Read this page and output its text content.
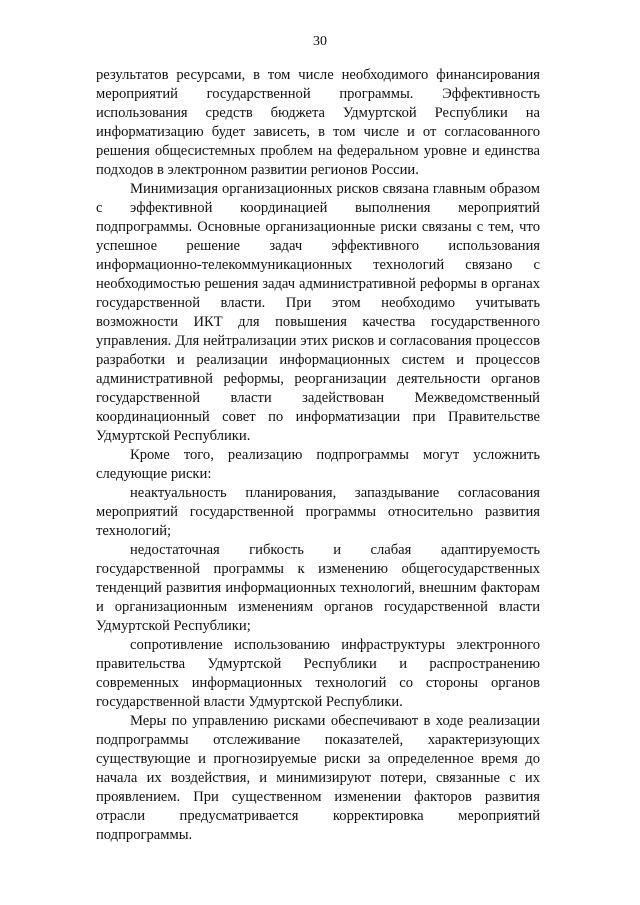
30

результатов ресурсами, в том числе необходимого финансирования мероприятий государственной программы. Эффективность использования средств бюджета Удмуртской Республики на информатизацию будет зависеть, в том числе и от согласованного решения общесистемных проблем на федеральном уровне и единства подходов в электронном развитии регионов России.

Минимизация организационных рисков связана главным образом с эффективной координацией выполнения мероприятий подпрограммы. Основные организационные риски связаны с тем, что успешное решение задач эффективного использования информационно-телекоммуникационных технологий связано с необходимостью решения задач административной реформы в органах государственной власти. При этом необходимо учитывать возможности ИКТ для повышения качества государственного управления. Для нейтрализации этих рисков и согласования процессов разработки и реализации информационных систем и процессов административной реформы, реорганизации деятельности органов государственной власти задействован Межведомственный координационный совет по информатизации при Правительстве Удмуртской Республики.

Кроме того, реализацию подпрограммы могут усложнить следующие риски:

неактуальность планирования, запаздывание согласования мероприятий государственной программы относительно развития технологий;

недостаточная гибкость и слабая адаптируемость государственной программы к изменению общегосударственных тенденций развития информационных технологий, внешним факторам и организационным изменениям органов государственной власти Удмуртской Республики;

сопротивление использованию инфраструктуры электронного правительства Удмуртской Республики и распространению современных информационных технологий со стороны органов государственной власти Удмуртской Республики.

Меры по управлению рисками обеспечивают в ходе реализации подпрограммы отслеживание показателей, характеризующих существующие и прогнозируемые риски за определенное время до начала их воздействия, и минимизируют потери, связанные с их проявлением. При существенном изменении факторов развития отрасли предусматривается корректировка мероприятий подпрограммы.
